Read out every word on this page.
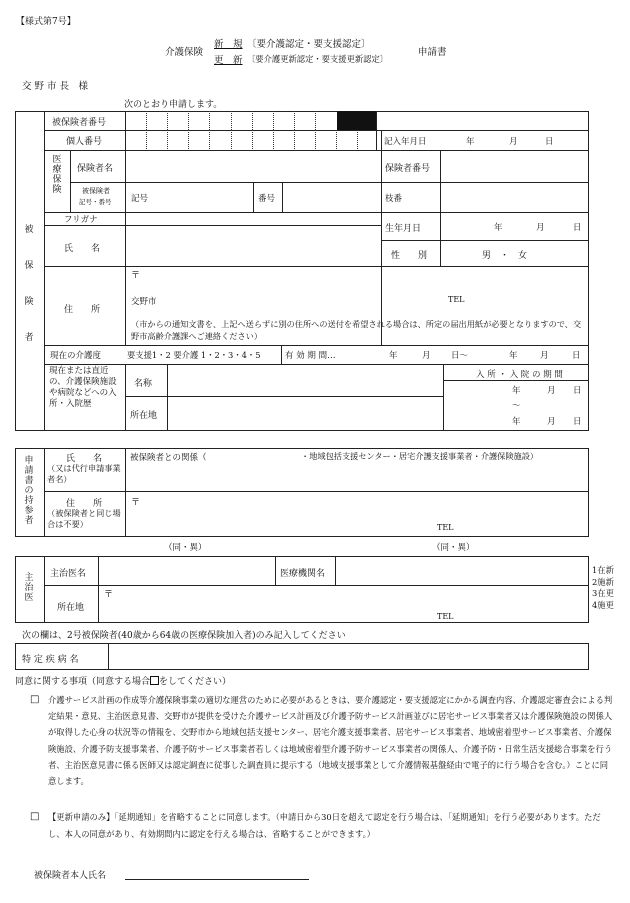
【様式第7号】
介護保険
新　規 〔要介護認定・要支援認定〕
更　新 〔要介護更新認定・要支援更新認定〕
申請書
交 野 市 長　様
次のとおり申請します。
被保険者
被保険者番号
個人番号	記入年月日	年	月	日
医療保険
保険者名	保険者番号
被保険者
記号・番号 記号	番号	枝番
フリガナ
氏　　名
生年月日	年	月	日
性　　別	男　・　女
住　　所
〒
交野市	TEL
（市からの通知文書を、上記へ送らずに別の住所への送付を希望される場合は、所定の届出用紙が必要となりますので、交野市高齢介護課へご連絡ください）
現在の介護度	要支援1・2 要介護 1・2・3・4・5	有 効 期 間…	年	月 日〜	年	月	日
現在または直近の、介護保険施設や病院などへの入所・入院歴
名称
所在地
入 所 ・ 入 院 の 期 間
年	月 日
〜
年	月 日
申請書の持参者
氏　　名
（又は代行申請事業者名）
被保険者との関係（	・地域包括支援センター・居宅介護支援事業者・介護保険施設）
住　　所
（被保険者と同じ場合は不要）
〒
TEL
（同・異）	（同・異）
主治医
主治医名	医療機関名
所在地
〒
TEL
1在新
2施新
3在更
4施更
次の欄は、2号被保険者(40歳から64歳の医療保険加入者)のみ記入してください
特 定 疾 病 名
同意に関する事項（同意する場合 をしてください）
□ 介護サービス計画の作成等介護保険事業の適切な運営のために必要があるときは、要介護認定・要支援認定にかかる調査内容、介護認定審査会による判定結果・意見、主治医意見書、交野市が提供を受けた介護サービス計画及び介護予防サービス計画並びに居宅サービス事業者又は介護保険施設の関係人が取得した心身の状況等の情報を、交野市から地域包括支援センター、居宅介護支援事業者、居宅サービス事業者、地域密着型サービス事業者、介護保険施設、介護予防支援事業者、介護予防サービス事業者若しくは地域密着型介護予防サービス事業者の関係人、介護予防・日常生活支援総合事業を行う者、主治医意見書に係る医師又は認定調査に従事した調査員に提示する（地域支援事業として介護情報基盤経由で電子的に行う場合を含む。）ことに同意します。
□ 【更新申請のみ】「延期通知」を省略することに同意します。（申請日から30日を超えて認定を行う場合は、「延期通知」を行う必要があります。ただし、本人の同意があり、有効期間内に認定を行える場合は、省略することができます。）
被保険者本人氏名
